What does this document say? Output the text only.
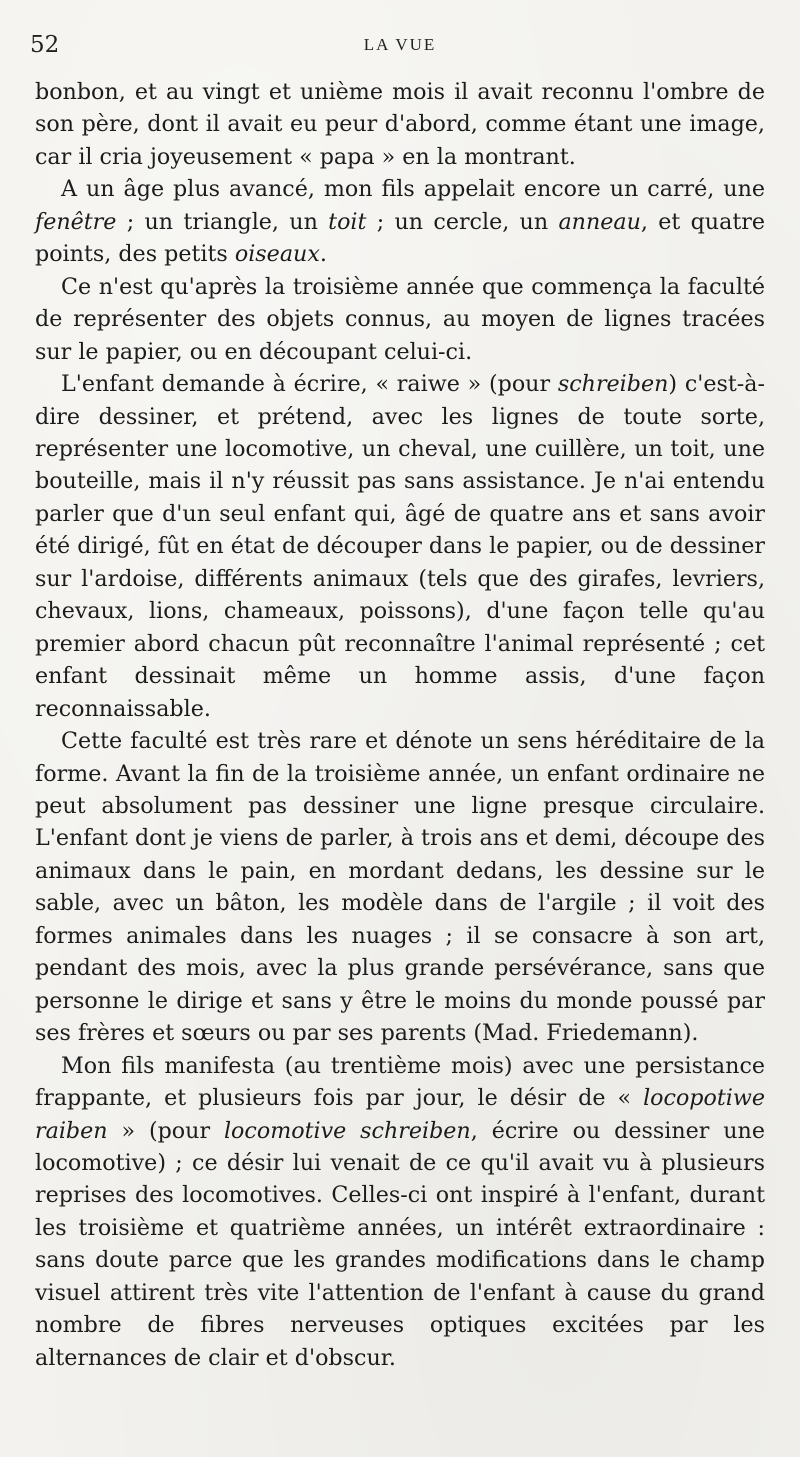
52	LA VUE

bonbon, et au vingt et unième mois il avait reconnu l'ombre de son père, dont il avait eu peur d'abord, comme étant une image, car il cria joyeusement « papa » en la montrant.

A un âge plus avancé, mon fils appelait encore un carré, une fenêtre ; un triangle, un toit ; un cercle, un anneau, et quatre points, des petits oiseaux.

Ce n'est qu'après la troisième année que commença la faculté de représenter des objets connus, au moyen de lignes tracées sur le papier, ou en découpant celui-ci.

L'enfant demande à écrire, « raiwe » (pour schreiben) c'est-à-dire dessiner, et prétend, avec les lignes de toute sorte, représenter une locomotive, un cheval, une cuillère, un toit, une bouteille, mais il n'y réussit pas sans assistance. Je n'ai entendu parler que d'un seul enfant qui, âgé de quatre ans et sans avoir été dirigé, fût en état de découper dans le papier, ou de dessiner sur l'ardoise, différents animaux (tels que des girafes, levriers, chevaux, lions, chameaux, poissons), d'une façon telle qu'au premier abord chacun pût reconnaître l'animal représenté ; cet enfant dessinait même un homme assis, d'une façon reconnaissable.

Cette faculté est très rare et dénote un sens héréditaire de la forme. Avant la fin de la troisième année, un enfant ordinaire ne peut absolument pas dessiner une ligne presque circulaire. L'enfant dont je viens de parler, à trois ans et demi, découpe des animaux dans le pain, en mordant dedans, les dessine sur le sable, avec un bâton, les modèle dans de l'argile ; il voit des formes animales dans les nuages ; il se consacre à son art, pendant des mois, avec la plus grande persévérance, sans que personne le dirige et sans y être le moins du monde poussé par ses frères et sœurs ou par ses parents (Mad. Friedemann).

Mon fils manifesta (au trentième mois) avec une persistance frappante, et plusieurs fois par jour, le désir de « locopotiwe raiben » (pour locomotive schreiben, écrire ou dessiner une locomotive) ; ce désir lui venait de ce qu'il avait vu à plusieurs reprises des locomotives. Celles-ci ont inspiré à l'enfant, durant les troisième et quatrième années, un intérêt extraordinaire : sans doute parce que les grandes modifications dans le champ visuel attirent très vite l'attention de l'enfant à cause du grand nombre de fibres nerveuses optiques excitées par les alternances de clair et d'obscur.
